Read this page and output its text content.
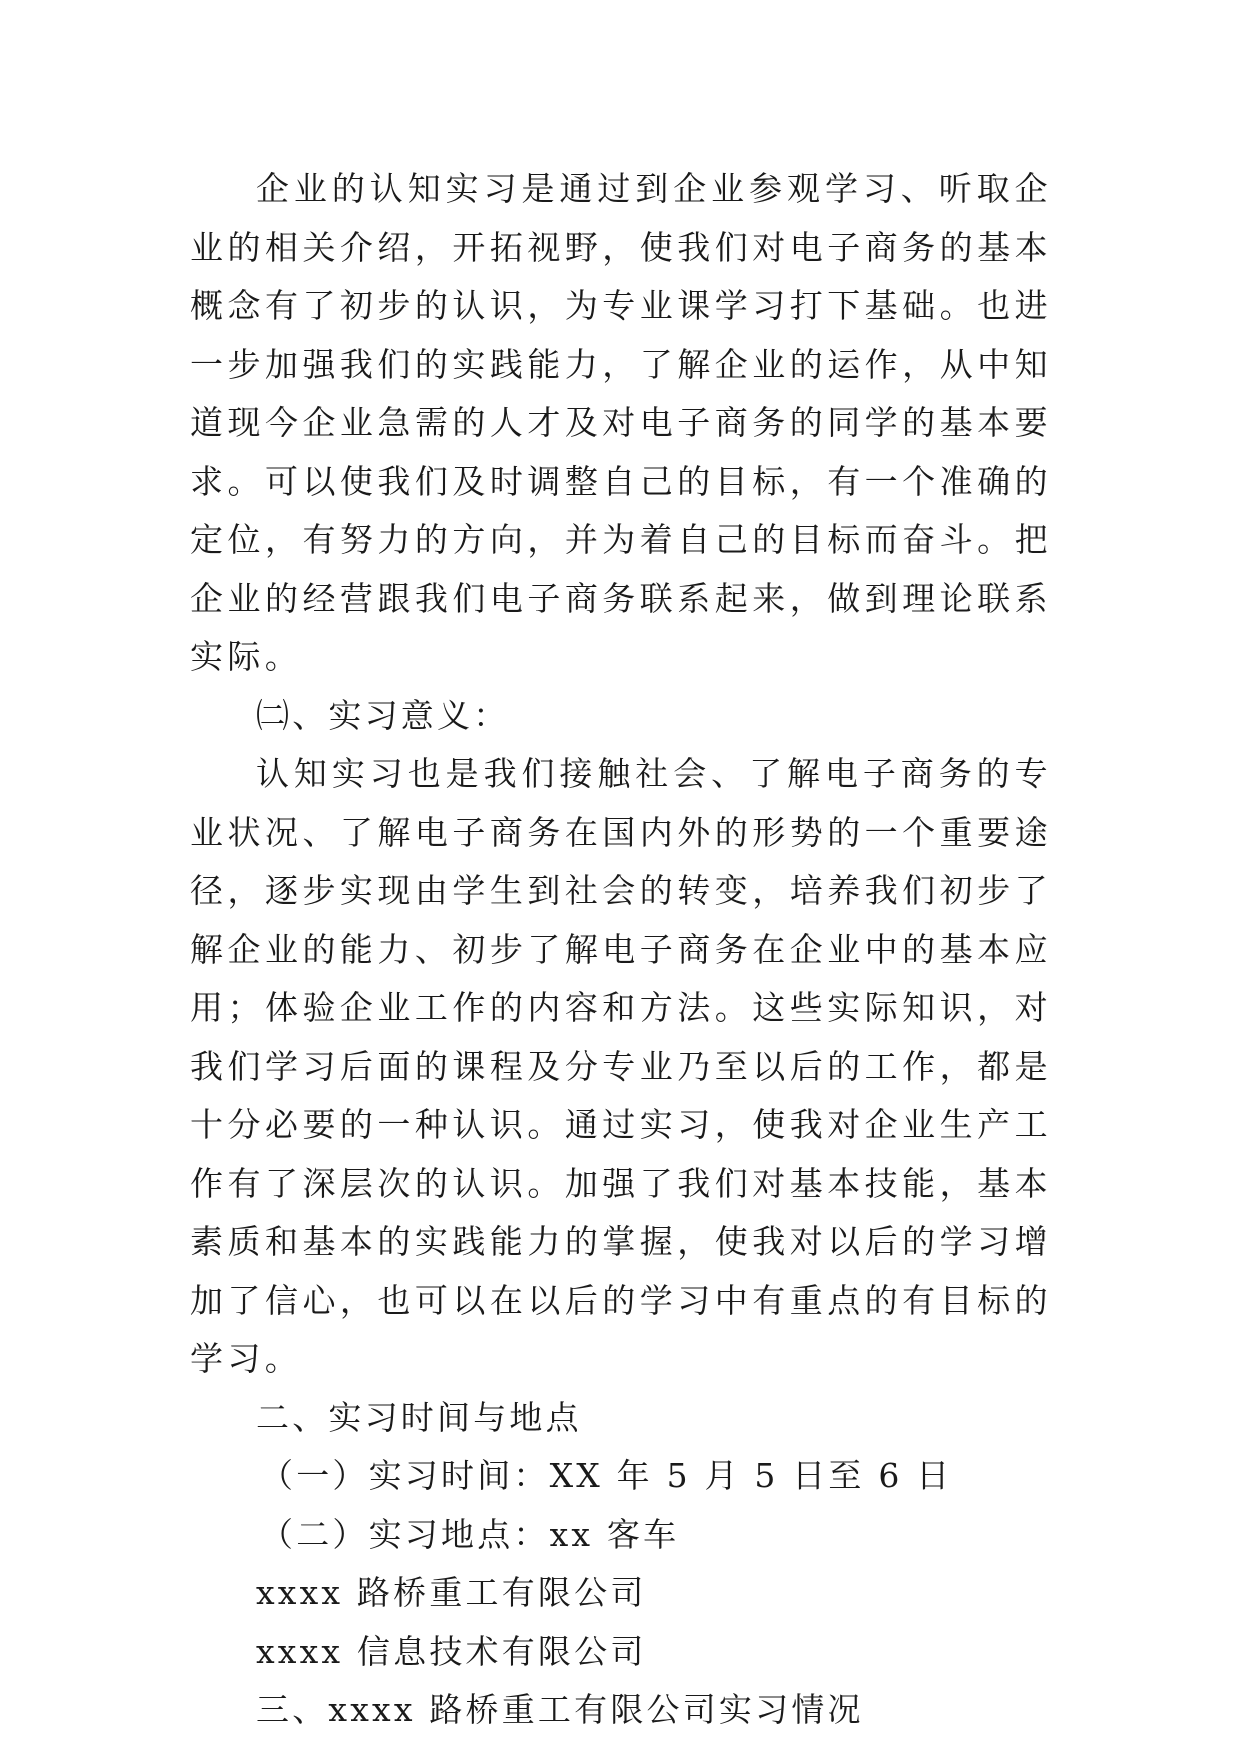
企业的认知实习是通过到企业参观学习、听取企业的相关介绍，开拓视野，使我们对电子商务的基本概念有了初步的认识，为专业课学习打下基础。也进一步加强我们的实践能力，了解企业的运作，从中知道现今企业急需的人才及对电子商务的同学的基本要求。可以使我们及时调整自己的目标，有一个准确的定位，有努力的方向，并为着自己的目标而奋斗。把企业的经营跟我们电子商务联系起来，做到理论联系实际。

㈡、实习意义：

认知实习也是我们接触社会、了解电子商务的专业状况、了解电子商务在国内外的形势的一个重要途径，逐步实现由学生到社会的转变，培养我们初步了解企业的能力、初步了解电子商务在企业中的基本应用；体验企业工作的内容和方法。这些实际知识，对我们学习后面的课程及分专业乃至以后的工作，都是十分必要的一种认识。通过实习，使我对企业生产工作有了深层次的认识。加强了我们对基本技能，基本素质和基本的实践能力的掌握，使我对以后的学习增加了信心，也可以在以后的学习中有重点的有目标的学习。

二、实习时间与地点

（一）实习时间：XX 年 5 月 5 日至 6 日

（二）实习地点：xx 客车

xxxx 路桥重工有限公司

xxxx 信息技术有限公司

三、xxxx 路桥重工有限公司实习情况
